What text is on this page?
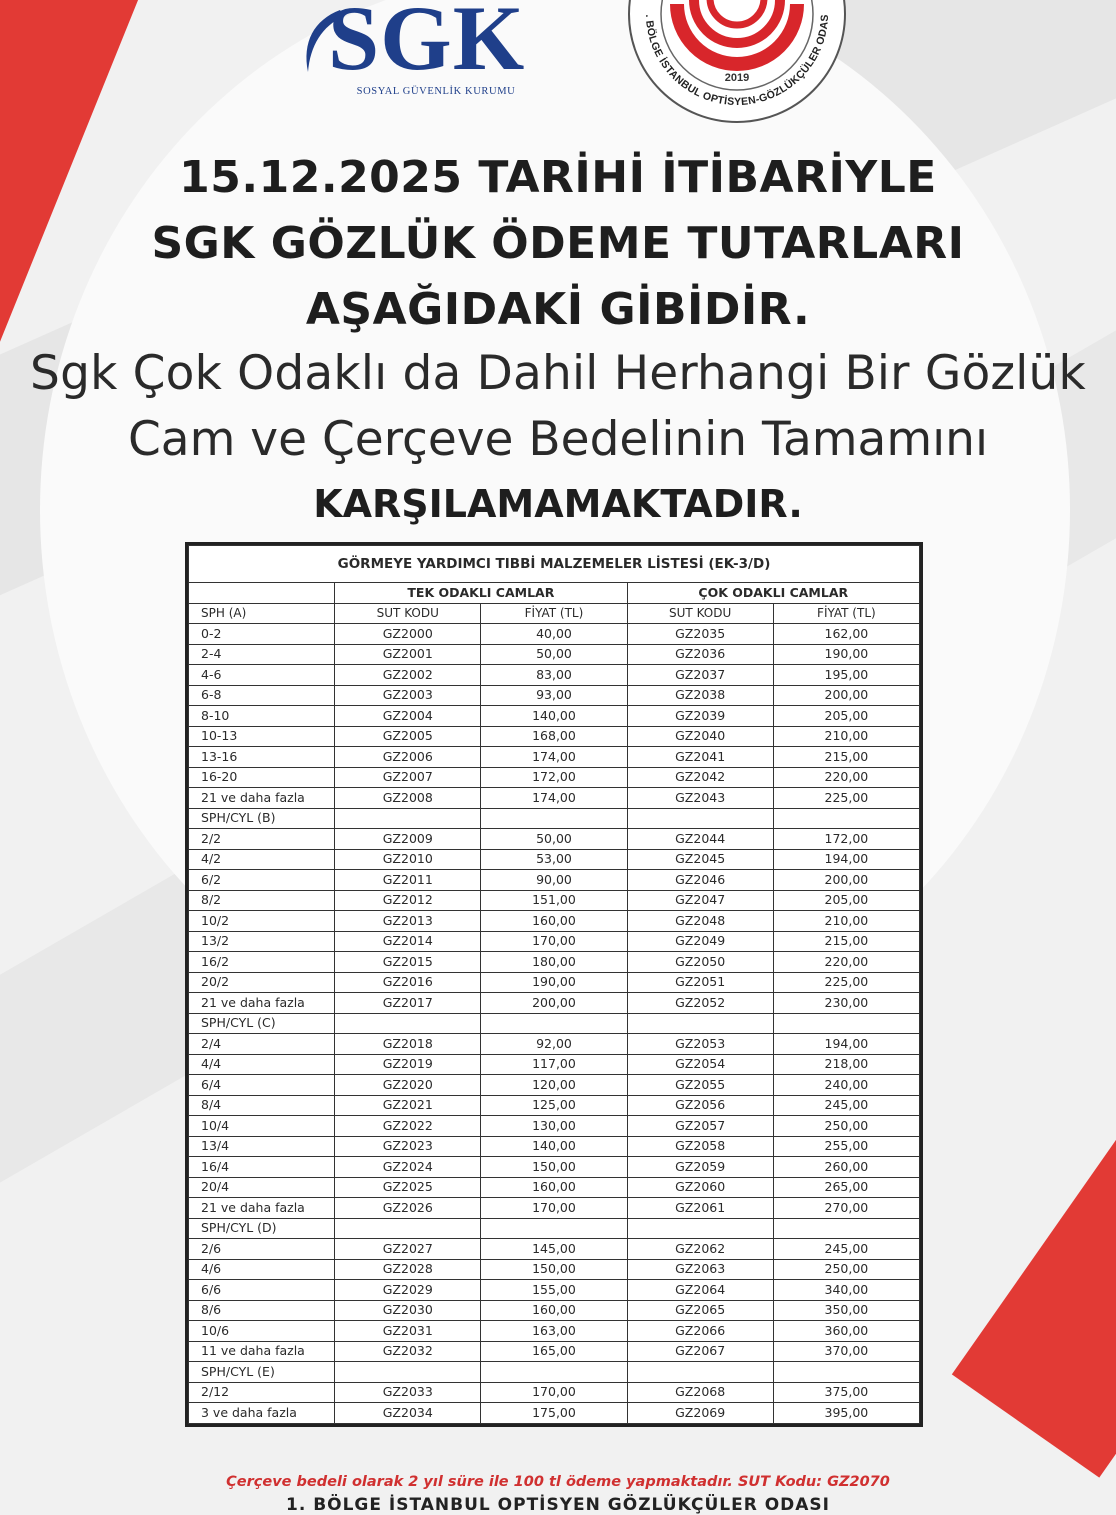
SGK
SOSYAL GÜVENLİK KURUMU
. BÖLGE İSTANBUL OPTİSYEN-GÖZLÜKÇÜLER ODAS
2019
15.12.2025 TARİHİ İTİBARİYLE
SGK GÖZLÜK ÖDEME TUTARLARI
AŞAĞIDAKİ GİBİDİR.
Sgk Çok Odaklı da Dahil Herhangi Bir Gözlük
Cam ve Çerçeve Bedelinin Tamamını
KARŞILAMAMAKTADIR.
GÖRMEYE YARDIMCI TIBBİ MALZEMELER LİSTESİ (EK-3/D)				
	TEK ODAKLI CAMLAR		ÇOK ODAKLI CAMLAR	
SPH (A)	SUT KODU	FİYAT (TL)	SUT KODU	FİYAT (TL)
0-2	GZ2000	40,00	GZ2035	162,00
2-4	GZ2001	50,00	GZ2036	190,00
4-6	GZ2002	83,00	GZ2037	195,00
6-8	GZ2003	93,00	GZ2038	200,00
8-10	GZ2004	140,00	GZ2039	205,00
10-13	GZ2005	168,00	GZ2040	210,00
13-16	GZ2006	174,00	GZ2041	215,00
16-20	GZ2007	172,00	GZ2042	220,00
21 ve daha fazla	GZ2008	174,00	GZ2043	225,00
SPH/CYL (B)				
2/2	GZ2009	50,00	GZ2044	172,00
4/2	GZ2010	53,00	GZ2045	194,00
6/2	GZ2011	90,00	GZ2046	200,00
8/2	GZ2012	151,00	GZ2047	205,00
10/2	GZ2013	160,00	GZ2048	210,00
13/2	GZ2014	170,00	GZ2049	215,00
16/2	GZ2015	180,00	GZ2050	220,00
20/2	GZ2016	190,00	GZ2051	225,00
21 ve daha fazla	GZ2017	200,00	GZ2052	230,00
SPH/CYL (C)				
2/4	GZ2018	92,00	GZ2053	194,00
4/4	GZ2019	117,00	GZ2054	218,00
6/4	GZ2020	120,00	GZ2055	240,00
8/4	GZ2021	125,00	GZ2056	245,00
10/4	GZ2022	130,00	GZ2057	250,00
13/4	GZ2023	140,00	GZ2058	255,00
16/4	GZ2024	150,00	GZ2059	260,00
20/4	GZ2025	160,00	GZ2060	265,00
21 ve daha fazla	GZ2026	170,00	GZ2061	270,00
SPH/CYL (D)				
2/6	GZ2027	145,00	GZ2062	245,00
4/6	GZ2028	150,00	GZ2063	250,00
6/6	GZ2029	155,00	GZ2064	340,00
8/6	GZ2030	160,00	GZ2065	350,00
10/6	GZ2031	163,00	GZ2066	360,00
11 ve daha fazla	GZ2032	165,00	GZ2067	370,00
SPH/CYL (E)				
2/12	GZ2033	170,00	GZ2068	375,00
3 ve daha fazla	GZ2034	175,00	GZ2069	395,00
Çerçeve bedeli olarak 2 yıl süre ile 100 tl ödeme yapmaktadır. SUT Kodu: GZ2070
1. BÖLGE İSTANBUL OPTİSYEN GÖZLÜKÇÜLER ODASI
